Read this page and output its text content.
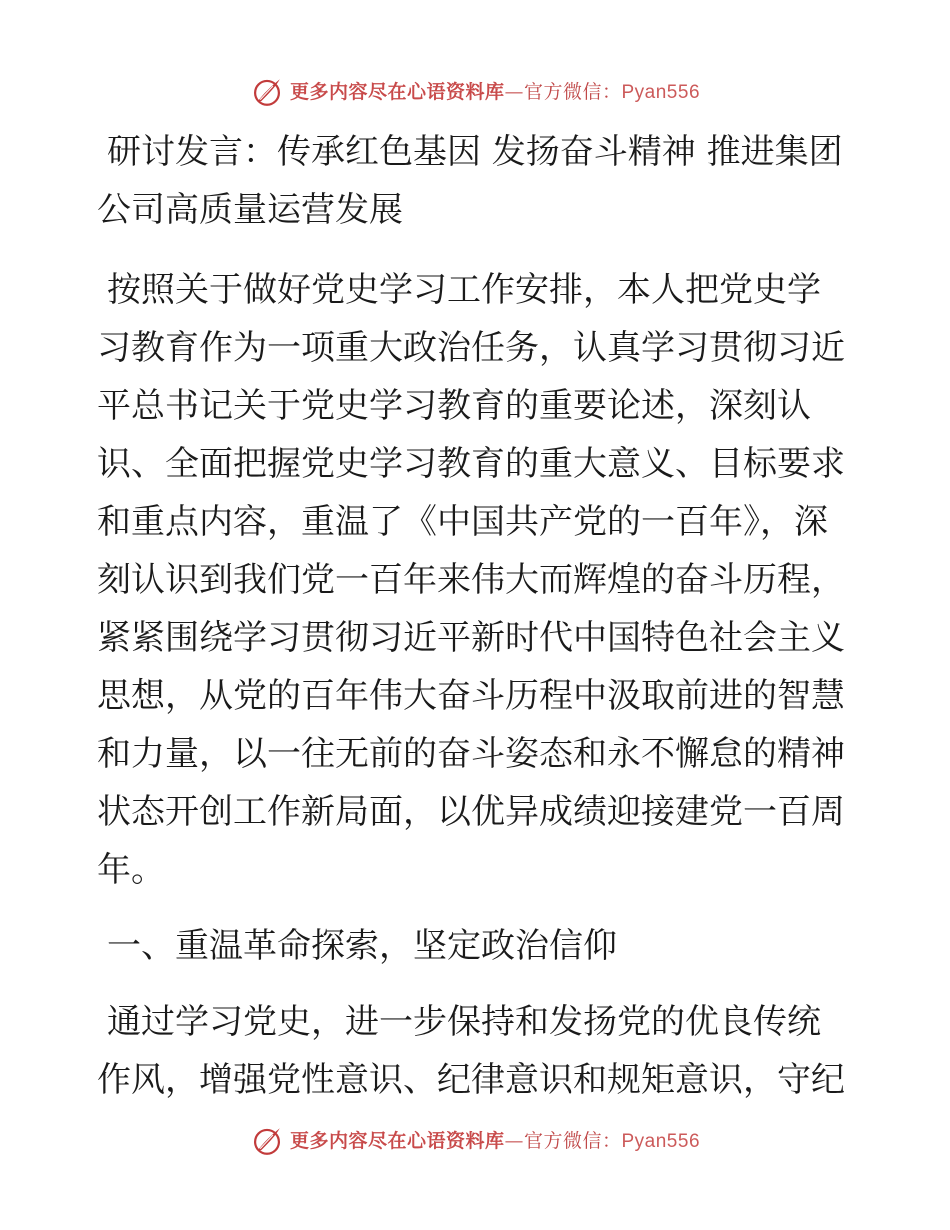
更多内容尽在心语资料库—官方微信：Pyan556
研讨发言：传承红色基因 发扬奋斗精神 推进集团公司高质量运营发展

按照关于做好党史学习工作安排，本人把党史学习教育作为一项重大政治任务，认真学习贯彻习近平总书记关于党史学习教育的重要论述，深刻认识、全面把握党史学习教育的重大意义、目标要求和重点内容，重温了《中国共产党的一百年》，深刻认识到我们党一百年来伟大而辉煌的奋斗历程，紧紧围绕学习贯彻习近平新时代中国特色社会主义思想，从党的百年伟大奋斗历程中汲取前进的智慧和力量，以一往无前的奋斗姿态和永不懈怠的精神状态开创工作新局面，以优异成绩迎接建党一百周年。

一、重温革命探索，坚定政治信仰

通过学习党史，进一步保持和发扬党的优良传统作风，增强党性意识、纪律意识和规矩意识，守纪

更多内容尽在心语资料库—官方微信：Pyan556
